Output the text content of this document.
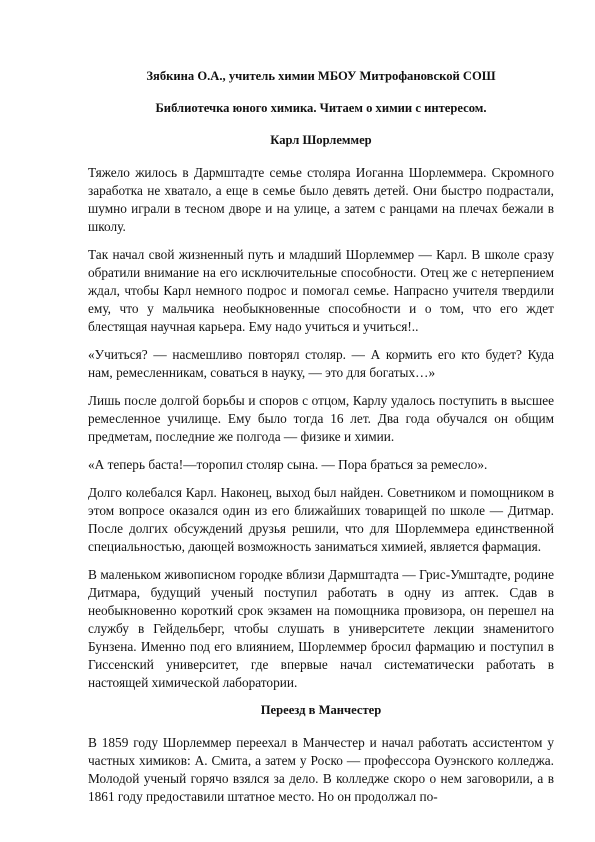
Зябкина О.А., учитель химии МБОУ Митрофановской СОШ

Библиотечка юного химика. Читаем о химии с интересом.

Карл Шорлеммер

Тяжело жилось в Дармштадте семье столяра Иоганна Шорлеммера. Скромного заработка не хватало, а еще в семье было девять детей. Они быстро подрастали, шумно играли в тесном дворе и на улице, а затем с ранцами на плечах бежали в школу.

Так начал свой жизненный путь и младший Шорлеммер — Карл. В школе сразу обратили внимание на его исключительные способности. Отец же с нетерпением ждал, чтобы Карл немного подрос и помогал семье. Напрасно учителя твердили ему, что у мальчика необыкновенные способности и о том, что его ждет блестящая научная карьера. Ему надо учиться и учиться!..

«Учиться? — насмешливо повторял столяр. — А кормить его кто будет? Куда нам, ремесленникам, соваться в науку, — это для богатых…»

Лишь после долгой борьбы и споров с отцом, Карлу удалось поступить в высшее ремесленное училище. Ему было тогда 16 лет. Два года обучался он общим предметам, последние же полгода — физике и химии.

«А теперь баста!—торопил столяр сына. — Пора браться за ремесло».

Долго колебался Карл. Наконец, выход был найден. Советником и помощником в этом вопросе оказался один из его ближайших товарищей по школе — Дитмар. После долгих обсуждений друзья решили, что для Шорлеммера единственной специальностью, дающей возможность заниматься химией, является фармация.

В маленьком живописном городке вблизи Дармштадта — Грис-Умштадте, родине Дитмара, будущий ученый поступил работать в одну из аптек. Сдав в необыкновенно короткий срок экзамен на помощника провизора, он перешел на службу в Гейдельберг, чтобы слушать в университете лекции знаменитого Бунзена. Именно под его влиянием, Шорлеммер бросил фармацию и поступил в Гиссенский университет, где впервые начал систематически работать в настоящей химической лаборатории.

Переезд в Манчестер

В 1859 году Шорлеммер переехал в Манчестер и начал работать ассистентом у частных химиков: А. Смита, а затем у Роско — профессора Оуэнского колледжа. Молодой ученый горячо взялся за дело. В колледже скоро о нем заговорили, а в 1861 году предоставили штатное место. Но он продолжал по-
